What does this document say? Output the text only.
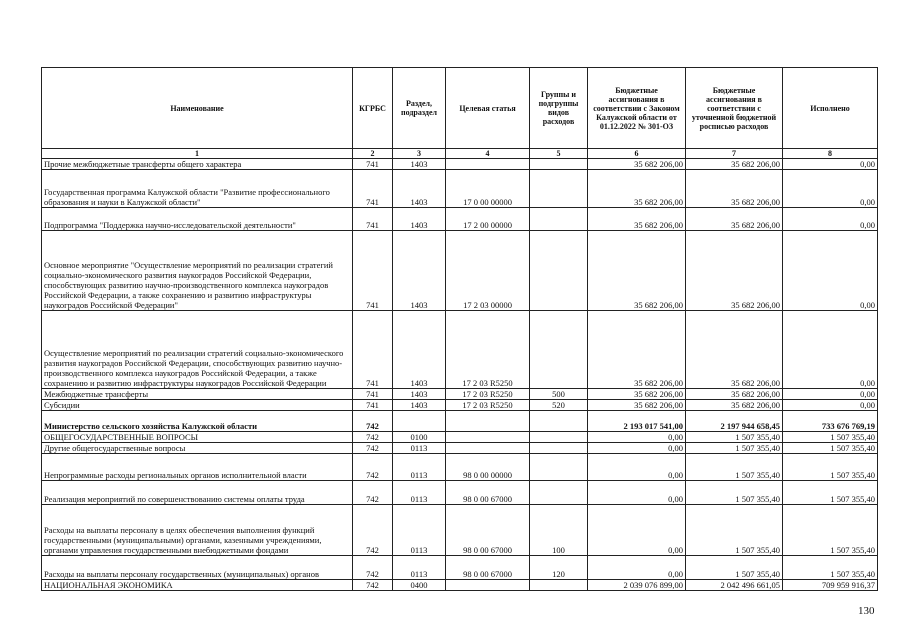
Наименование	КГРБС	Раздел, подраздел	Целевая статья	Группы и подгруппы видов расходов	Бюджетные ассигнования в соответствии с Законом Калужской области от 01.12.2022 № 301-ОЗ	Бюджетные ассигнования в соответствии с уточненной бюджетной росписью расходов	Исполнено
1	2	3	4	5	6	7	8
Прочие межбюджетные трансферты общего характера	741	1403			35 682 206,00	35 682 206,00	0,00
Государственная программа Калужской области "Развитие профессионального образования и науки в Калужской области"	741	1403	17 0 00 00000		35 682 206,00	35 682 206,00	0,00
Подпрограмма "Поддержка научно-исследовательской деятельности"	741	1403	17 2 00 00000		35 682 206,00	35 682 206,00	0,00
Основное мероприятие "Осуществление мероприятий по реализации стратегий социально-экономического развития наукоградов Российской Федерации, способствующих развитию научно-производственного комплекса наукоградов Российской Федерации, а также сохранению и развитию инфраструктуры наукоградов Российской Федерации"	741	1403	17 2 03 00000		35 682 206,00	35 682 206,00	0,00
Осуществление мероприятий по реализации стратегий социально-экономического развития наукоградов Российской Федерации, способствующих развитию научно-производственного комплекса наукоградов Российской Федерации, а также сохранению и развитию инфраструктуры наукоградов Российской Федерации	741	1403	17 2 03 R5250		35 682 206,00	35 682 206,00	0,00
Межбюджетные трансферты	741	1403	17 2 03 R5250	500	35 682 206,00	35 682 206,00	0,00
Субсидии	741	1403	17 2 03 R5250	520	35 682 206,00	35 682 206,00	0,00
Министерство сельского хозяйства Калужской области	742				2 193 017 541,00	2 197 944 658,45	733 676 769,19
ОБЩЕГОСУДАРСТВЕННЫЕ ВОПРОСЫ	742	0100			0,00	1 507 355,40	1 507 355,40
Другие общегосударственные вопросы	742	0113			0,00	1 507 355,40	1 507 355,40
Непрограммные расходы региональных органов исполнительной власти	742	0113	98 0 00 00000		0,00	1 507 355,40	1 507 355,40
Реализация мероприятий по совершенствованию системы оплаты труда	742	0113	98 0 00 67000		0,00	1 507 355,40	1 507 355,40
Расходы на выплаты персоналу в целях обеспечения выполнения функций государственными (муниципальными) органами, казенными учреждениями, органами управления государственными внебюджетными фондами	742	0113	98 0 00 67000	100	0,00	1 507 355,40	1 507 355,40
Расходы на выплаты персоналу государственных (муниципальных) органов	742	0113	98 0 00 67000	120	0,00	1 507 355,40	1 507 355,40
НАЦИОНАЛЬНАЯ ЭКОНОМИКА	742	0400			2 039 076 899,00	2 042 496 661,05	709 959 916,37
130
